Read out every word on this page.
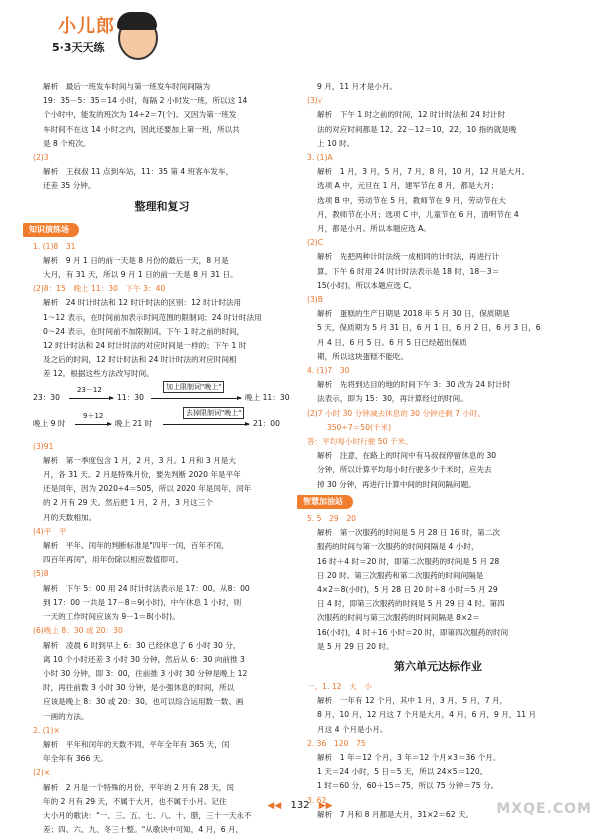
小儿郎
5·3天天练

解析　最后一班发车时间与第一班发车时间间隔为

19：35－5：35＝14 小时，每隔 2 小时发一班，所以这 14

个小时中，能发的班次为 14÷2＝7(个)。又因为第一班发

车时间不在这 14 小时之内，因此还要加上第一班，所以共

是 8 个班次。

(2)3

解析　王叔叔 11 点到车站，11：35 第 4 班客车发车，

还差 35 分钟。

整理和复习
知识演练场

1. (1)8　31

解析　9 月 1 日的前一天是 8 月份的最后一天，8 月是

大月，有 31 天，所以 9 月 1 日的前一天是 8 月 31 日。

(2)8：15　晚上 11：30　下午 3：40

解析　24 时计时法和 12 时计时法的区别：12 时计时法用

1～12 表示，在时间前加表示时间范围的限制词；24 时计时法用

0～24 表示，在时间前不加限制词。下午 1 时之前的时间，

12 时计时法和 24 时计时法的对应时间是一样的；下午 1 时

及之后的时间，12 时计时法和 24 时计时法的对应时间相

差 12。根据这些方法改写时间。

23：30
23－12
11：30
加上限制词"晚上"
晚上 11：30
晚上 9 时
9＋12
晚上 21 时
去掉限制词"晚上"
21：00

(3)91

解析　第一季度包含 1 月，2 月，3 月。1 月和 3 月是大

月，各 31 天。2 月是特殊月份，要先判断 2020 年是平年

还是闰年，因为 2020÷4＝505，所以 2020 年是闰年，闰年

的 2 月有 29 天。然后把 1 月，2 月，3 月这三个

月的天数相加。

(4)平　平

解析　平年、闰年的判断标准是"四年一闰，百年不闰，

四百年再闰"，用年份除以相应数值即可。

(5)8

解析　下午 5：00 用 24 时计时法表示是 17：00。从8：00

到 17：00 一共是 17－8＝9(小时)，中午休息 1 小时，则

一天的工作时间应该为 9－1＝8(小时)。

(6)晚上 8：30 或 20：30

解析　凌晨 6 时到早上 6：30 已经休息了 6 小时 30 分，

离 10 个小时还差 3 小时 30 分钟，然后从 6：30 向前推 3

小时 30 分钟，即 3：00，往前推 3 小时 30 分钟是晚上 12

时，再往前数 3 小时 30 分钟，是小强休息的时间，所以

应该是晚上 8：30 或 20：30。也可以综合运用数一数、画

一画的方法。

2. (1)×

解析　平年和闰年的天数不同，平年全年有 365 天，闰

年全年有 366 天。

(2)×

解析　2 月是一个特殊的月份，平年的 2 月有 28 天，闰

年的 2 月有 29 天，不属于大月，也不属于小月。记住

大小月的歌诀："一、三、五、七、八、十、腊，三十一天永不

差；四、六、九、冬三十整。"从歌诀中可知，4 月，6 月，

9 月，11 月才是小月。

(3)√

解析　下午 1 时之前的时间，12 时计时法和 24 时计时

法的对应时间都是 12。22－12＝10，22，10 指的就是晚

上 10 时。

3. (1)A

解析　1 月，3 月，5 月，7 月，8 月，10 月，12 月是大月。

选项 A 中，元旦在 1 月，建军节在 8 月，都是大月；

选项 B 中，劳动节在 5 月，教师节在 9 月，劳动节在大

月，教师节在小月；选项 C 中，儿童节在 6 月，清明节在 4

月，都是小月。所以本题应选 A。

(2)C

解析　先把两种计时法统一成相同的计时法，再进行计

算。下午 6 时用 24 时计时法表示是 18 时，18－3＝

15(小时)，所以本题应选 C。

(3)B

解析　蛋糕的生产日期是 2018 年 5 月 30 日，保质期是

5 天，保质期为 5 月 31 日，6 月 1 日，6 月 2 日，6 月 3 日，6

月 4 日，6 月 5 日。6 月 5 日已经超出保质

期，所以这块蛋糕不能吃。

4. (1)7　30

解析　先将到达目的地的时间下午 3：30 改为 24 时计时

法表示，即为 15：30，再计算经过的时间。

(2)7 小时 30 分钟减去休息的 30 分钟还剩 7 小时。

350÷7＝50(千米)

答：平均每小时行驶 50 千米。

解析　注意，在路上的时间中有马叔叔停留休息的 30

分钟，所以计算平均每小时行驶多少千米时，应先去

掉 30 分钟，再进行计算中间的时间间隔问题。

智慧加油站

5. 5　29　20

解析　第一次服药的时间是 5 月 28 日 16 时，第二次

服药的时间与第一次服药的时间间隔是 4 小时，

16 时＋4 时＝20 时，即第二次服药的时间是 5 月 28

日 20 时。第三次服药和第二次服药的时间间隔是

4×2＝8(小时)，5 月 28 日 20 时＋8 小时＝5 月 29

日 4 时，即第三次服药的时间是 5 月 29 日 4 时。第四

次服药的时间与第三次服药的时间间隔是 8×2＝

16(小时)，4 时＋16 小时＝20 时，即第四次服药的时间

是 5 月 29 日 20 时。

第六单元达标作业

一、1. 12　大　小

解析　一年有 12 个月，其中 1 月，3 月，5 月，7 月，

8 月，10 月，12 月这 7 个月是大月，4 月，6 月，9 月，11 月

月这 4 个月是小月。

2. 36　120　75

解析　1 年＝12 个月，3 年＝12 个月×3＝36 个月。

1 天＝24 小时，5 日＝5 天，所以 24×5＝120。

1 时＝60 分，60＋15＝75，所以 75 分钟＝75 分。

3. 62

解析　7 月和 8 月都是大月，31×2＝62 天。

◀◀ 132 ▶▶	MXQE.COM
